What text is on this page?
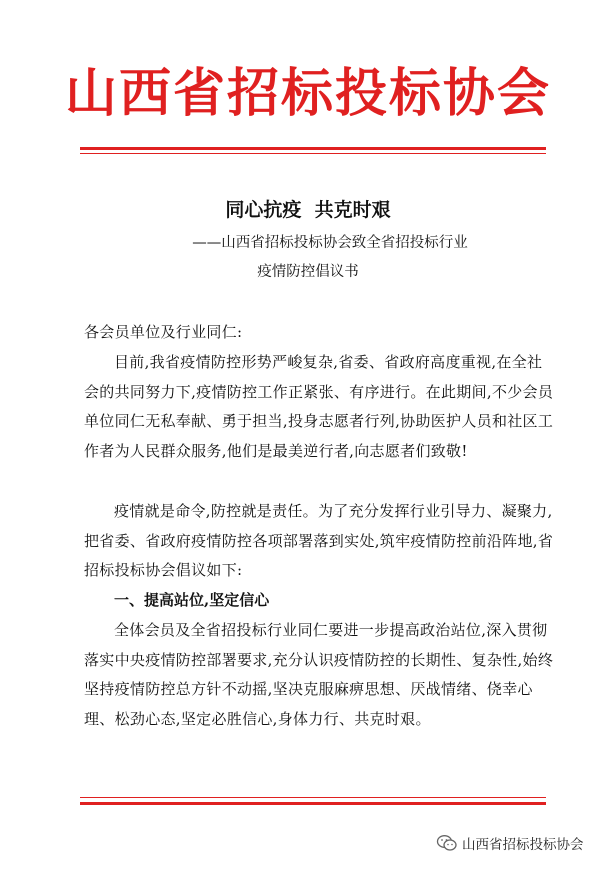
山西省招标投标协会
同心抗疫  共克时艰
——山西省招标投标协会致全省招投标行业
疫情防控倡议书
各会员单位及行业同仁:

目前,我省疫情防控形势严峻复杂,省委、省政府高度重视,在全社会的共同努力下,疫情防控工作正紧张、有序进行。在此期间,不少会员单位同仁无私奉献、勇于担当,投身志愿者行列,协助医护人员和社区工作者为人民群众服务,他们是最美逆行者,向志愿者们致敬!

疫情就是命令,防控就是责任。为了充分发挥行业引导力、凝聚力,把省委、省政府疫情防控各项部署落到实处,筑牢疫情防控前沿阵地,省招标投标协会倡议如下:

一、提高站位,坚定信心

全体会员及全省招投标行业同仁要进一步提高政治站位,深入贯彻落实中央疫情防控部署要求,充分认识疫情防控的长期性、复杂性,始终坚持疫情防控总方针不动摇,坚决克服麻痹思想、厌战情绪、侥幸心理、松劲心态,坚定必胜信心,身体力行、共克时艰。

山西省招标投标协会
